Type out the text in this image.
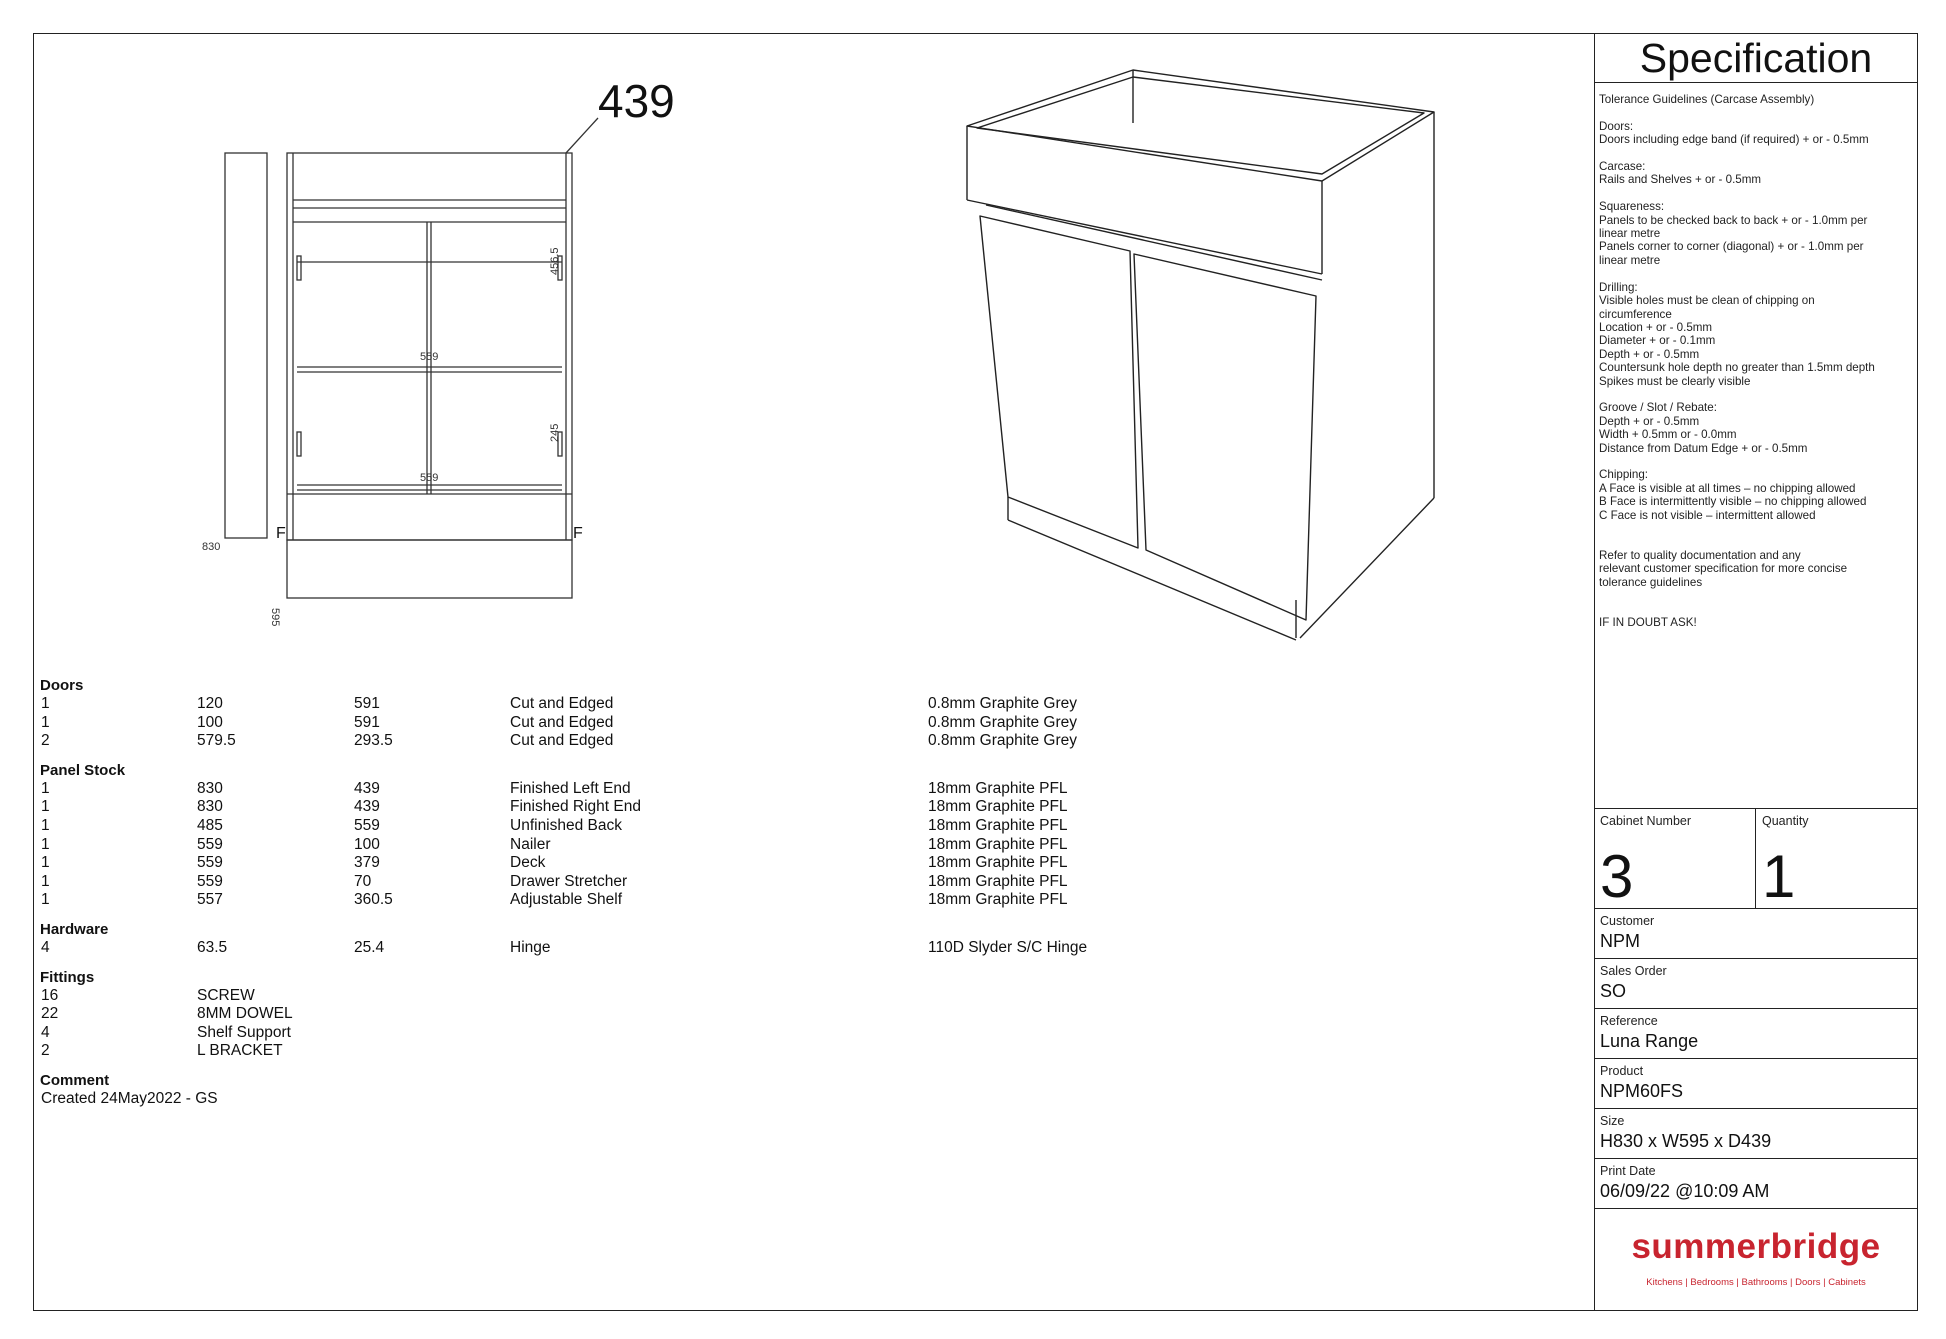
439
830
595
456.5
245
559
559
F	F
Doors
1	120	591	Cut and Edged	0.8mm Graphite Grey
1	100	591	Cut and Edged	0.8mm Graphite Grey
2	579.5	293.5	Cut and Edged	0.8mm Graphite Grey
Panel Stock
1	830	439	Finished Left End	18mm Graphite PFL
1	830	439	Finished Right End	18mm Graphite PFL
1	485	559	Unfinished Back	18mm Graphite PFL
1	559	100	Nailer	18mm Graphite PFL
1	559	379	Deck	18mm Graphite PFL
1	559	70	Drawer Stretcher	18mm Graphite PFL
1	557	360.5	Adjustable Shelf	18mm Graphite PFL
Hardware
4	63.5	25.4	Hinge	110D Slyder S/C Hinge
Fittings
16	SCREW
22	8MM DOWEL
4	Shelf Support
2	L BRACKET
Comment
Created 24May2022 - GS
Specification
Tolerance Guidelines (Carcase Assembly)

Doors:
Doors including edge band (if required) + or - 0.5mm

Carcase:
Rails and Shelves + or - 0.5mm

Squareness:
Panels to be checked back to back + or - 1.0mm per
linear metre
Panels corner to corner (diagonal) + or - 1.0mm per
linear metre

Drilling:
Visible holes must be clean of chipping on
circumference
Location + or - 0.5mm
Diameter + or - 0.1mm
Depth + or - 0.5mm
Countersunk hole depth no greater than 1.5mm depth
Spikes must be clearly visible

Groove / Slot / Rebate:
Depth + or - 0.5mm
Width + 0.5mm or - 0.0mm
Distance from Datum Edge + or - 0.5mm

Chipping:
A Face is visible at all times – no chipping allowed
B Face is intermittently visible – no chipping allowed
C Face is not visible – intermittent allowed

Refer to quality documentation and any
relevant customer specification for more concise
tolerance guidelines

IF IN DOUBT ASK!
Cabinet Number
3
Quantity
1
Customer
NPM
Sales Order
SO
Reference
Luna Range
Product
NPM60FS
Size
H830 x W595 x D439
Print Date
06/09/22 @10:09 AM
summerbridge
Kitchens | Bedrooms | Bathrooms | Doors | Cabinets
